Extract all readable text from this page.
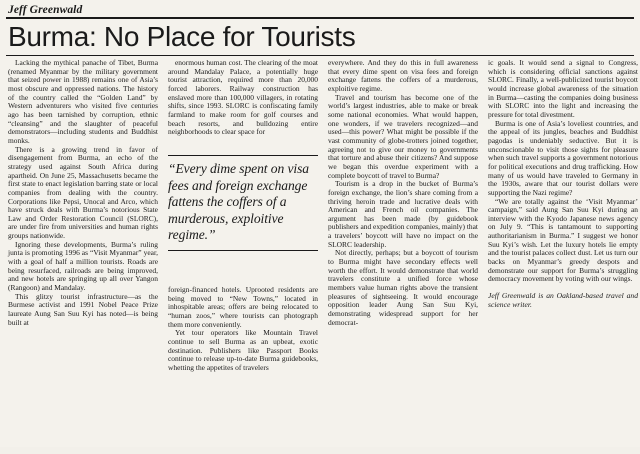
Jeff Greenwald
Burma: No Place for Tourists

Lacking the mythical panache of Tibet, Burma (renamed Myanmar by the military government that seized power in 1988) remains one of Asia’s most obscure and oppressed nations. The history of the country called the “Golden Land” by Western adventurers who visited five centuries ago has been tarnished by corruption, ethnic “cleansing” and the slaughter of peaceful demonstrators—including students and Buddhist monks.

There is a growing trend in favor of disengagement from Burma, an echo of the strategy used against South Africa during apartheid. On June 25, Massachusetts became the first state to enact legislation barring state or local companies from dealing with the country. Corporations like Pepsi, Unocal and Arco, which have struck deals with Burma’s notorious State Law and Order Restoration Council (SLORC), are under fire from universities and human rights groups nationwide.

Ignoring these developments, Burma’s ruling junta is promoting 1996 as “Visit Myanmar” year, with a goal of half a million tourists. Roads are being resurfaced, railroads are being improved, and new hotels are springing up all over Yangon (Rangoon) and Mandalay.

This glitzy tourist infrastructure—as the Burmese activist and 1991 Nobel Peace Prize laureate Aung San Suu Kyi has noted—is being built at

enormous human cost. The clearing of the moat around Mandalay Palace, a potentially huge tourist attraction, required more than 20,000 forced laborers. Railway construction has enslaved more than 100,000 villagers, in rotating shifts, since 1993. SLORC is confiscating family farmland to make room for golf courses and beach resorts, and bulldozing entire neighborhoods to clear space for

“Every dime spent on visa fees and foreign exchange fattens the coffers of a murderous, exploitive regime.”

foreign-financed hotels. Uprooted residents are being moved to “New Towns,” located in inhospitable areas; offers are being relocated to “human zoos,” where tourists can photograph them more conveniently.

Yet tour operators like Mountain Travel continue to sell Burma as an upbeat, exotic destination. Publishers like Passport Books continue to release up-to-date Burma guidebooks, whetting the appetites of travelers

everywhere. And they do this in full awareness that every dime spent on visa fees and foreign exchange fattens the coffers of a murderous, exploitive regime.

Travel and tourism has become one of the world’s largest industries, able to make or break some national economies. What would happen, one wonders, if we travelers recognized—and used—this power? What might be possible if the vast community of globe-trotters joined together, agreeing not to give our money to governments that torture and abuse their citizens? And suppose we began this overdue experiment with a complete boycott of travel to Burma?

Tourism is a drop in the bucket of Burma’s foreign exchange, the lion’s share coming from a thriving heroin trade and lucrative deals with American and French oil companies. The argument has been made (by guidebook publishers and expedition companies, mainly) that a travelers’ boycott will have no impact on the SLORC leadership.

Not directly, perhaps; but a boycott of tourism to Burma might have secondary effects well worth the effort. It would demonstrate that world travelers constitute a unified force whose members value human rights above the transient pleasures of sightseeing. It would encourage opposition leader Aung San Suu Kyi, demonstrating widespread support for her democrat-

ic goals. It would send a signal to Congress, which is considering official sanctions against SLORC. Finally, a well-publicized tourist boycott would increase global awareness of the situation in Burma—casting the companies doing business with SLORC into the light and increasing the pressure for total divestment.

Burma is one of Asia’s loveliest countries, and the appeal of its jungles, beaches and Buddhist pagodas is undeniably seductive. But it is unconscionable to visit those sights for pleasure when such travel supports a government notorious for political executions and drug trafficking. How many of us would have traveled to Germany in the 1930s, aware that our tourist dollars were supporting the Nazi regime?

“We are totally against the ‘Visit Myanmar’ campaign,” said Aung San Suu Kyi during an interview with the Kyodo Japanese news agency on July 9. “This is tantamount to supporting authoritarianism in Burma.” I suggest we honor Suu Kyi’s wish. Let the luxury hotels lie empty and the tourist palaces collect dust. Let us turn our backs on Myanmar’s greedy despots and demonstrate our support for Burma’s struggling democracy movement by voting with our wings.

Jeff Greenwald is an Oakland-based travel and science writer.
